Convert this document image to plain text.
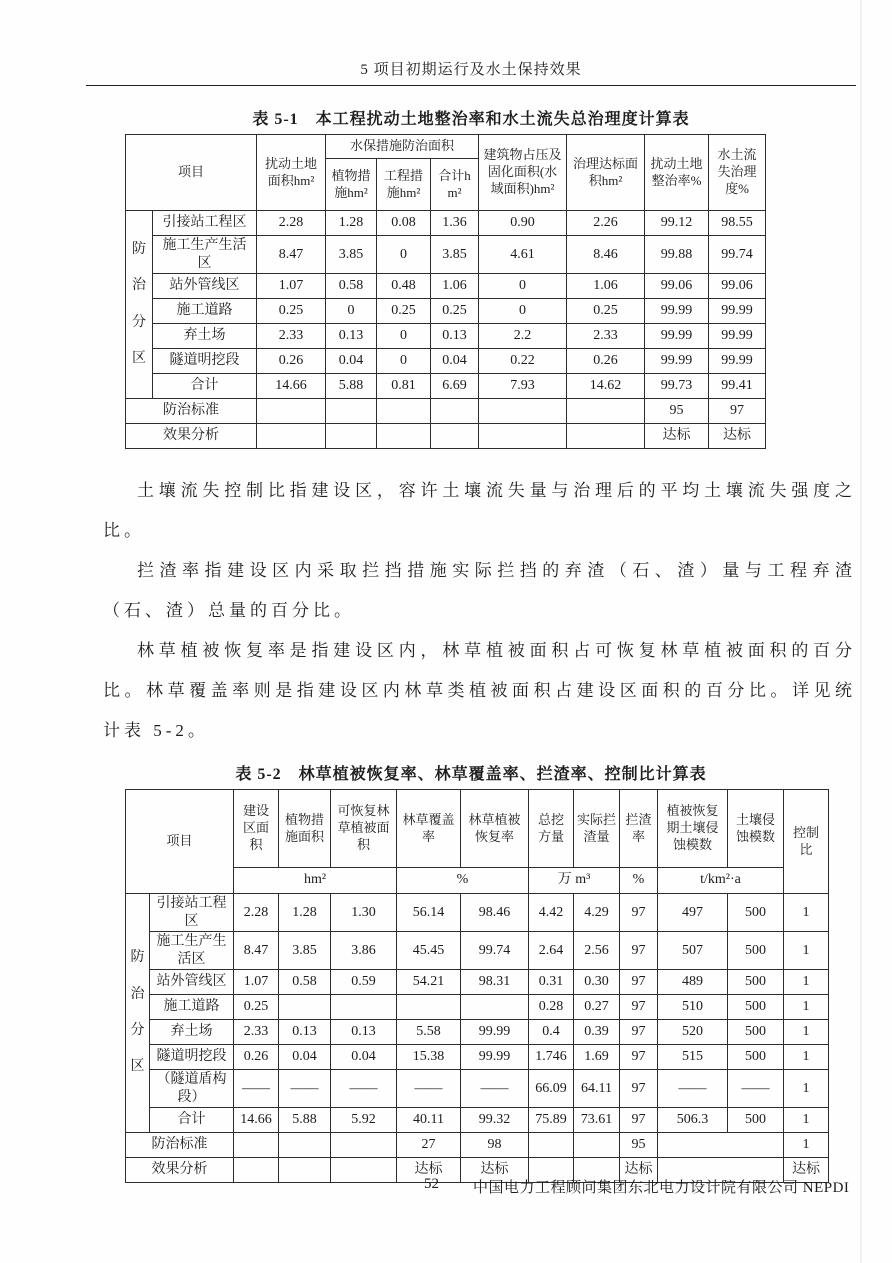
5 项目初期运行及水土保持效果
表 5-1　本工程扰动土地整治率和水土流失总治理度计算表
项目		扰动土地面积hm²	水保措施防治面积			建筑物占压及固化面积(水域面积)hm²	治理达标面积hm²	扰动土地整治率%	水土流失治理度%
			植物措施hm²	工程措施hm²	合计hm²				
防治分区	引接站工程区	2.28	1.28	0.08	1.36	0.90	2.26	99.12	98.55
	施工生产生活区	8.47	3.85	0	3.85	4.61	8.46	99.88	99.74
	站外管线区	1.07	0.58	0.48	1.06	0	1.06	99.06	99.06
	施工道路	0.25	0	0.25	0.25	0	0.25	99.99	99.99
	弃土场	2.33	0.13	0	0.13	2.2	2.33	99.99	99.99
	隧道明挖段	0.26	0.04	0	0.04	0.22	0.26	99.99	99.99
	合计	14.66	5.88	0.81	6.69	7.93	14.62	99.73	99.41
防治标准								95	97
效果分析								达标	达标

土壤流失控制比指建设区，容许土壤流失量与治理后的平均土壤流失强度之比。

拦渣率指建设区内采取拦挡措施实际拦挡的弃渣（石、渣）量与工程弃渣（石、渣）总量的百分比。

林草植被恢复率是指建设区内，林草植被面积占可恢复林草植被面积的百分比。林草覆盖率则是指建设区内林草类植被面积占建设区面积的百分比。详见统计表 5-2。

表 5-2　林草植被恢复率、林草覆盖率、拦渣率、控制比计算表
项目		建设区面积	植物措施面积	可恢复林草植被面积	林草覆盖率	林草植被恢复率	总挖方量	实际拦渣量	拦渣率	植被恢复期土壤侵蚀模数	土壤侵蚀模数	控制比
		hm²			%		万 m³		%	t/km²·a		
防治分区	引接站工程区	2.28	1.28	1.30	56.14	98.46	4.42	4.29	97	497	500	1
	施工生产生活区	8.47	3.85	3.86	45.45	99.74	2.64	2.56	97	507	500	1
	站外管线区	1.07	0.58	0.59	54.21	98.31	0.31	0.30	97	489	500	1
	施工道路	0.25					0.28	0.27	97	510	500	1
	弃土场	2.33	0.13	0.13	5.58	99.99	0.4	0.39	97	520	500	1
	隧道明挖段	0.26	0.04	0.04	15.38	99.99	1.746	1.69	97	515	500	1
	（隧道盾构段）	——	——	——	——	——	66.09	64.11	97	——	——	1
	合计	14.66	5.88	5.92	40.11	99.32	75.89	73.61	97	506.3	500	1
防治标准					27	98			95			1
效果分析					达标	达标			达标			达标
52 中国电力工程顾问集团东北电力设计院有限公司 NEPDI
